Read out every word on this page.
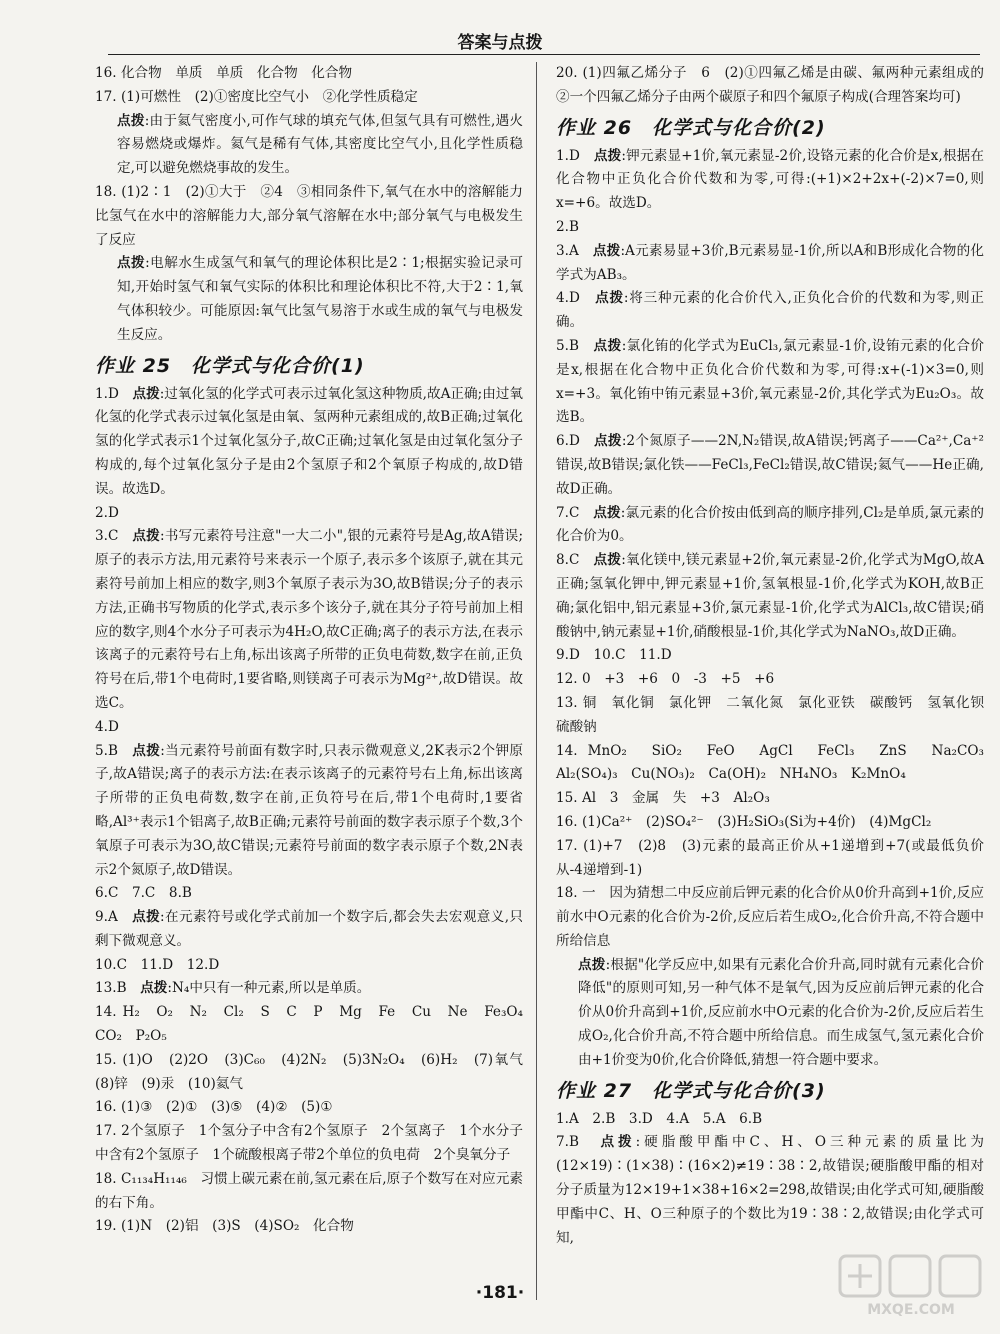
答案与点拨

16. 化合物　单质　单质　化合物　化合物

17. (1)可燃性　(2)①密度比空气小　②化学性质稳定

点拨:由于氦气密度小,可作气球的填充气体,但氢气具有可燃性,遇火容易燃烧或爆炸。氦气是稀有气体,其密度比空气小,且化学性质稳定,可以避免燃烧事故的发生。

18. (1)2∶1　(2)①大于　②4　③相同条件下,氧气在水中的溶解能力比氢气在水中的溶解能力大,部分氧气溶解在水中;部分氧气与电极发生了反应

点拨:电解水生成氢气和氧气的理论体积比是2∶1;根据实验记录可知,开始时氢气和氧气实际的体积比和理论体积比不符,大于2∶1,氧气体积较少。可能原因:氧气比氢气易溶于水或生成的氧气与电极发生反应。

作业 25　化学式与化合价(1)

1.D　 点拨:过氧化氢的化学式可表示过氧化氢这种物质,故A正确;由过氧化氢的化学式表示过氧化氢是由氧、氢两种元素组成的,故B正确;过氧化氢的化学式表示1个过氧化氢分子,故C正确;过氧化氢是由过氧化氢分子构成的,每个过氧化氢分子是由2个氢原子和2个氧原子构成的,故D错误。故选D。

2.D

3.C　 点拨:书写元素符号注意"一大二小",银的元素符号是Ag,故A错误;原子的表示方法,用元素符号来表示一个原子,表示多个该原子,就在其元素符号前加上相应的数字,则3个氧原子表示为3O,故B错误;分子的表示方法,正确书写物质的化学式,表示多个该分子,就在其分子符号前加上相应的数字,则4个水分子可表示为4H₂O,故C正确;离子的表示方法,在表示该离子的元素符号右上角,标出该离子所带的正负电荷数,数字在前,正负符号在后,带1个电荷时,1要省略,则镁离子可表示为Mg²⁺,故D错误。故选C。

4.D

5.B　 点拨:当元素符号前面有数字时,只表示微观意义,2K表示2个钾原子,故A错误;离子的表示方法:在表示该离子的元素符号右上角,标出该离子所带的正负电荷数,数字在前,正负符号在后,带1个电荷时,1要省略,Al³⁺表示1个铝离子,故B正确;元素符号前面的数字表示原子个数,3个氧原子可表示为3O,故C错误;元素符号前面的数字表示原子个数,2N表示2个氮原子,故D错误。

6.C　7.C　8.B

9.A　 点拨:在元素符号或化学式前加一个数字后,都会失去宏观意义,只剩下微观意义。

10.C　11.D　12.D

13.B　 点拨:N₄中只有一种元素,所以是单质。

14. H₂　O₂　N₂　Cl₂　S　C　P　Mg　Fe　Cu　Ne　Fe₃O₄　CO₂　P₂O₅

15. (1)O　(2)2O　(3)C₆₀　(4)2N₂　(5)3N₂O₄　(6)H₂　(7)氧气　(8)锌　(9)汞　(10)氦气

16. (1)③　(2)①　(3)⑤　(4)②　(5)①

17. 2个氢原子　1个氢分子中含有2个氢原子　2个氢离子　1个水分子中含有2个氢原子　1个硫酸根离子带2个单位的负电荷　2个臭氧分子

18. C₁₁₃₄H₁₁₄₆　习惯上碳元素在前,氢元素在后,原子个数写在对应元素的右下角。

19. (1)N　(2)铝　(3)S　(4)SO₂　化合物

20. (1)四氟乙烯分子　6　(2)①四氟乙烯是由碳、氟两种元素组成的　②一个四氟乙烯分子由两个碳原子和四个氟原子构成(合理答案均可)

作业 26　化学式与化合价(2)

1.D　 点拨:钾元素显+1价,氧元素显-2价,设铬元素的化合价是x,根据在化合物中正负化合价代数和为零,可得:(+1)×2+2x+(-2)×7=0,则x=+6。故选D。

2.B

3.A　 点拨:A元素易显+3价,B元素易显-1价,所以A和B形成化合物的化学式为AB₃。

4.D　 点拨:将三种元素的化合价代入,正负化合价的代数和为零,则正确。

5.B　 点拨:氯化铕的化学式为EuCl₃,氯元素显-1价,设铕元素的化合价是x,根据在化合物中正负化合价代数和为零,可得:x+(-1)×3=0,则x=+3。氧化铕中铕元素显+3价,氧元素显-2价,其化学式为Eu₂O₃。故选B。

6.D　 点拨:2个氮原子——2N,N₂错误,故A错误;钙离子——Ca²⁺,Ca⁺²错误,故B错误;氯化铁——FeCl₃,FeCl₂错误,故C错误;氦气——He正确,故D正确。

7.C　 点拨:氯元素的化合价按由低到高的顺序排列,Cl₂是单质,氯元素的化合价为0。

8.C　 点拨:氧化镁中,镁元素显+2价,氧元素显-2价,化学式为MgO,故A正确;氢氧化钾中,钾元素显+1价,氢氧根显-1价,化学式为KOH,故B正确;氯化铝中,铝元素显+3价,氯元素显-1价,化学式为AlCl₃,故C错误;硝酸钠中,钠元素显+1价,硝酸根显-1价,其化学式为NaNO₃,故D正确。

9.D　10.C　11.D

12. 0　+3　+6　0　-3　+5　+6

13. 铜　氧化铜　氯化钾　二氧化氮　氯化亚铁　碳酸钙　氢氧化钡　硫酸钠

14. MnO₂　SiO₂　FeO　AgCl　FeCl₃　ZnS　Na₂CO₃　Al₂(SO₄)₃　Cu(NO₃)₂　Ca(OH)₂　NH₄NO₃　K₂MnO₄

15. Al　3　金属　失　+3　Al₂O₃

16. (1)Ca²⁺　(2)SO₄²⁻　(3)H₂SiO₃(Si为+4价)　(4)MgCl₂

17. (1)+7　(2)8　(3)元素的最高正价从+1递增到+7(或最低负价从-4递增到-1)

18. 一　因为猜想二中反应前后钾元素的化合价从0价升高到+1价,反应前水中O元素的化合价为-2价,反应后若生成O₂,化合价升高,不符合题中所给信息

点拨:根据"化学反应中,如果有元素化合价升高,同时就有元素化合价降低"的原则可知,另一种气体不是氧气,因为反应前后钾元素的化合价从0价升高到+1价,反应前水中O元素的化合价为-2价,反应后若生成O₂,化合价升高,不符合题中所给信息。而生成氢气,氢元素化合价由+1价变为0价,化合价降低,猜想一符合题中要求。

作业 27　化学式与化合价(3)

1.A　2.B　3.D　4.A　5.A　6.B

7.B　 点拨:硬脂酸甲酯中C、H、O三种元素的质量比为(12×19)∶(1×38)∶(16×2)≠19∶38∶2,故错误;硬脂酸甲酯的相对分子质量为12×19+1×38+16×2=298,故错误;由化学式可知,硬脂酸甲酯中C、H、O三种原子的个数比为19∶38∶2,故错误;由化学式可知,

·181·
MXQE.COM
